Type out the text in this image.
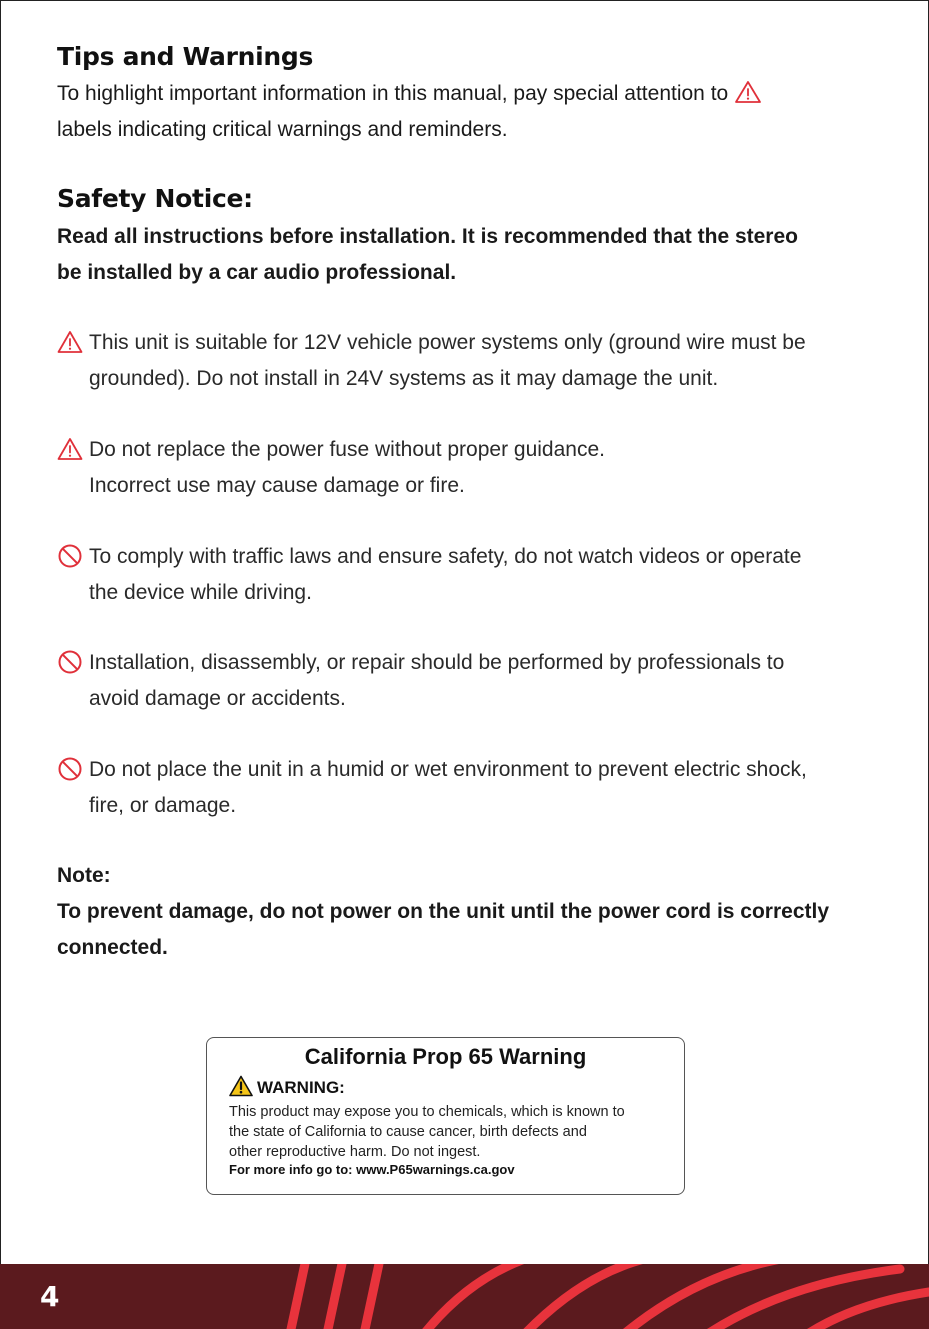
Tips and Warnings

To highlight important information in this manual, pay special attention to
labels indicating critical warnings and reminders.

Safety Notice:

Read all instructions before installation. It is recommended that the stereo
be installed by a car audio professional.

This unit is suitable for 12V vehicle power systems only (ground wire must be
grounded). Do not install in 24V systems as it may damage the unit.

Do not replace the power fuse without proper guidance.
Incorrect use may cause damage or fire.

To comply with traffic laws and ensure safety, do not watch videos or operate
the device while driving.

Installation, disassembly, or repair should be performed by professionals to
avoid damage or accidents.

Do not place the unit in a humid or wet environment to prevent electric shock,
fire, or damage.

Note:
To prevent damage, do not power on the unit until the power cord is correctly
connected.

California Prop 65 Warning
WARNING:
This product may expose you to chemicals, which is known to
the state of California to cause cancer, birth defects and
other reproductive harm. Do not ingest.
For more info go to: www.P65warnings.ca.gov
4
